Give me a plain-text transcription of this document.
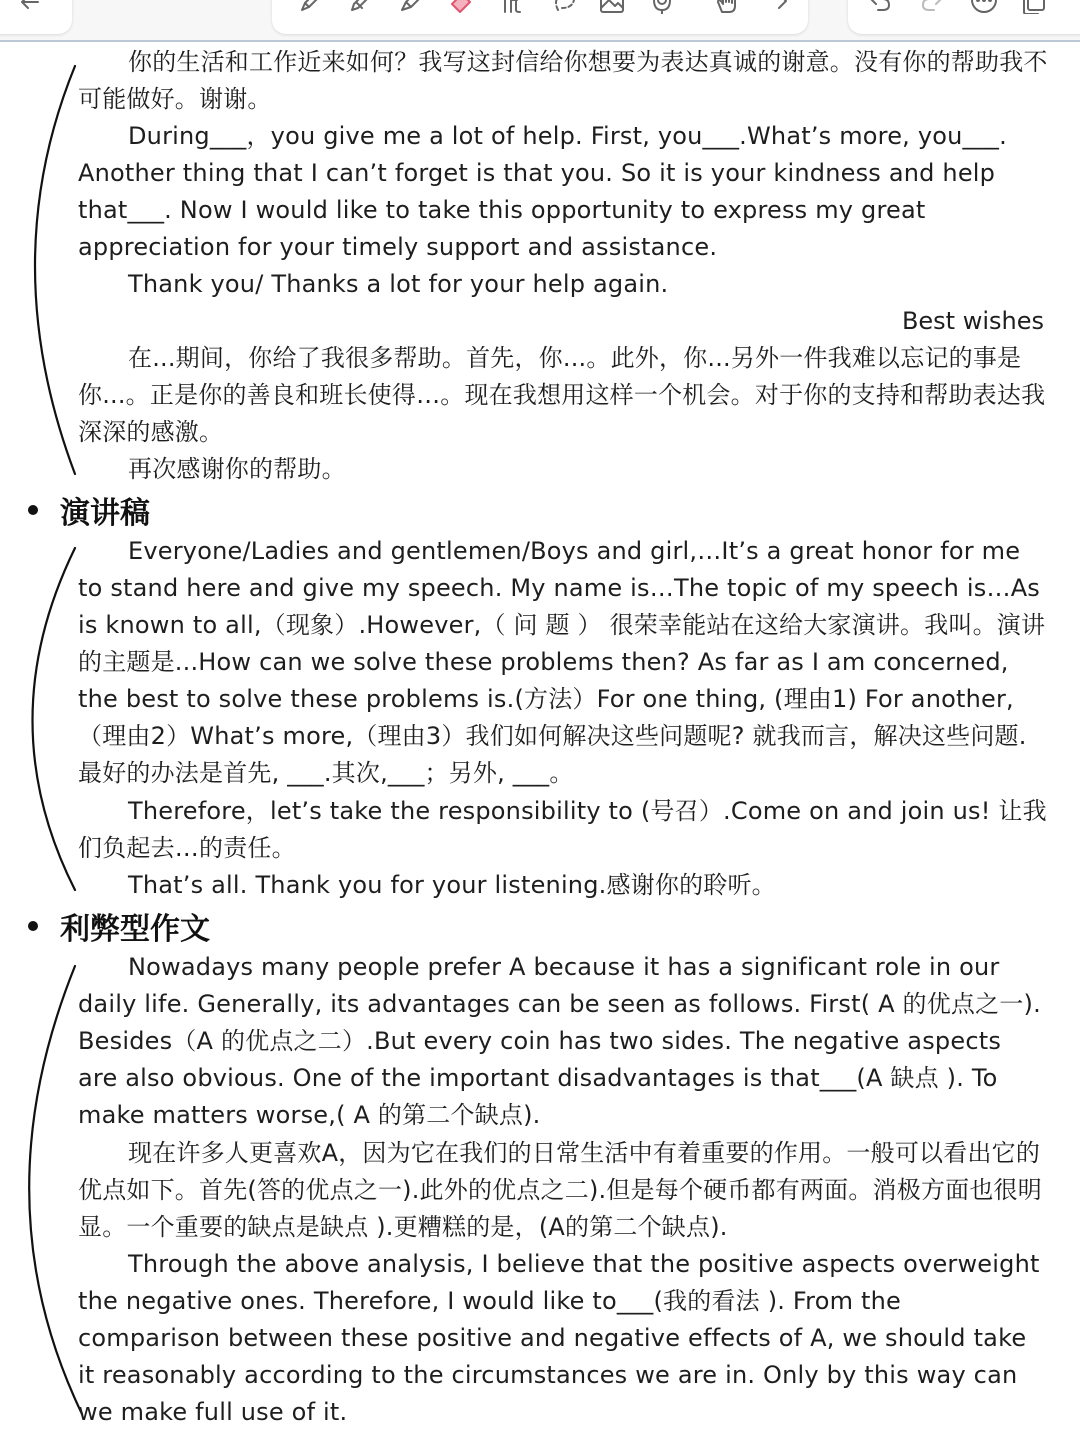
你的生活和工作近来如何？我写这封信给你想要为表达真诚的谢意。没有你的帮助我不可能做好。谢谢。

During___，you give me a lot of help. First, you___.What’s more, you___. Another thing that I can’t forget is that you. So it is your kindness and help that___. Now I would like to take this opportunity to express my great appreciation for your timely support and assistance.

Thank you/ Thanks a lot for your help again.

Best wishes

在...期间，你给了我很多帮助。首先，你...。此外，你...另外一件我难以忘记的事是你...。正是你的善良和班长使得…。现在我想用这样一个机会。对于你的支持和帮助表达我深深的感激。

再次感谢你的帮助。

演讲稿

Everyone/Ladies and gentlemen/Boys and girl,…It’s a great honor for me to stand here and give my speech. My name is…The topic of my speech is…As is known to all,（现象）.However,（ 问 题 ） 很荣幸能站在这给大家演讲。我叫。演讲的主题是...How can we solve these problems then? As far as I am concerned, the best to solve these problems is.(方法）For one thing, (理由1) For another, （理由2）What’s more,（理由3）我们如何解决这些问题呢? 就我而言，解决这些问题.最好的办法是首先, ___.其次,___；另外, ___。

Therefore，let’s take the responsibility to (号召）.Come on and join us! 让我们负起去…的责任。

That’s all. Thank you for your listening.感谢你的聆听。

利弊型作文

Nowadays many people prefer A because it has a significant role in our daily life. Generally, its advantages can be seen as follows. First( A 的优点之一). Besides（A 的优点之二）.But every coin has two sides. The negative aspects are also obvious. One of the important disadvantages is that___(A 缺点 ). To make matters worse,( A 的第二个缺点).

现在许多人更喜欢A，因为它在我们的日常生活中有着重要的作用。一般可以看出它的优点如下。首先(答的优点之一).此外的优点之二).但是每个硬币都有两面。消极方面也很明显。一个重要的缺点是缺点 ).更糟糕的是，(A的第二个缺点).

Through the above analysis, I believe that the positive aspects overweight the negative ones. Therefore, I would like to___(我的看法 ). From the comparison between these positive and negative effects of A, we should take it reasonably according to the circumstances we are in. Only by this way can we make full use of it.
